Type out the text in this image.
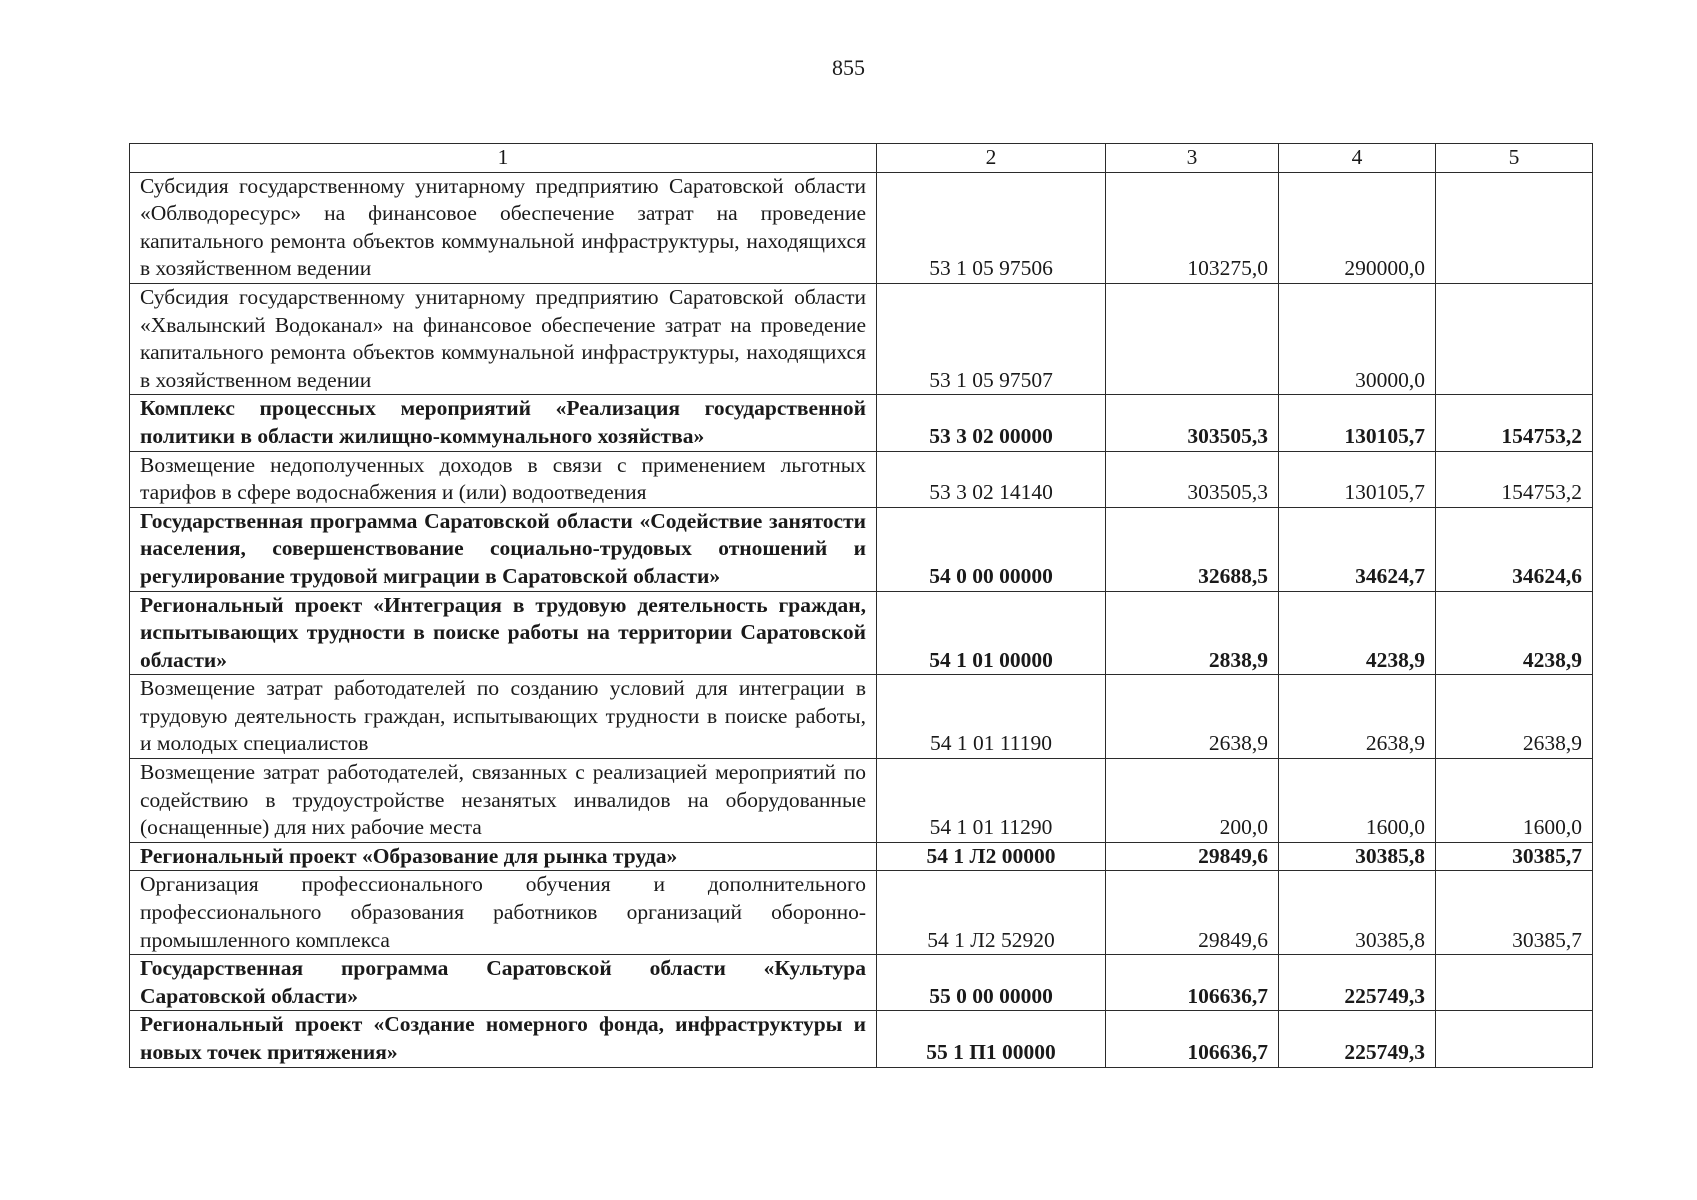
855
1	2	3	4	5
Субсидия государственному унитарному предприятию Саратовской области «Облводоресурс» на финансовое обеспечение затрат на проведение капитального ремонта объектов коммунальной инфраструктуры, находящихся в хозяйственном ведении	53 1 05 97506	103275,0	290000,0	
Субсидия государственному унитарному предприятию Саратовской области «Хвалынский Водоканал» на финансовое обеспечение затрат на проведение капитального ремонта объектов коммунальной инфраструктуры, находящихся в хозяйственном ведении	53 1 05 97507		30000,0	
Комплекс процессных мероприятий «Реализация государственной политики в области жилищно-коммунального хозяйства»	53 3 02 00000	303505,3	130105,7	154753,2
Возмещение недополученных доходов в связи с применением льготных тарифов в сфере водоснабжения и (или) водоотведения	53 3 02 14140	303505,3	130105,7	154753,2
Государственная программа Саратовской области «Содействие занятости населения, совершенствование социально-трудовых отношений и регулирование трудовой миграции в Саратовской области»	54 0 00 00000	32688,5	34624,7	34624,6
Региональный проект «Интеграция в трудовую деятельность граждан, испытывающих трудности в поиске работы на территории Саратовской области»	54 1 01 00000	2838,9	4238,9	4238,9
Возмещение затрат работодателей по созданию условий для интеграции в трудовую деятельность граждан, испытывающих трудности в поиске работы, и молодых специалистов	54 1 01 11190	2638,9	2638,9	2638,9
Возмещение затрат работодателей, связанных с реализацией мероприятий по содействию в трудоустройстве незанятых инвалидов на оборудованные (оснащенные) для них рабочие места	54 1 01 11290	200,0	1600,0	1600,0
Региональный проект «Образование для рынка труда»	54 1 Л2 00000	29849,6	30385,8	30385,7
Организация профессионального обучения и дополнительного профессионального образования работников организаций оборонно-промышленного комплекса	54 1 Л2 52920	29849,6	30385,8	30385,7
Государственная программа Саратовской области «Культура Саратовской области»	55 0 00 00000	106636,7	225749,3	
Региональный проект «Создание номерного фонда, инфраструктуры и новых точек притяжения»	55 1 П1 00000	106636,7	225749,3	
